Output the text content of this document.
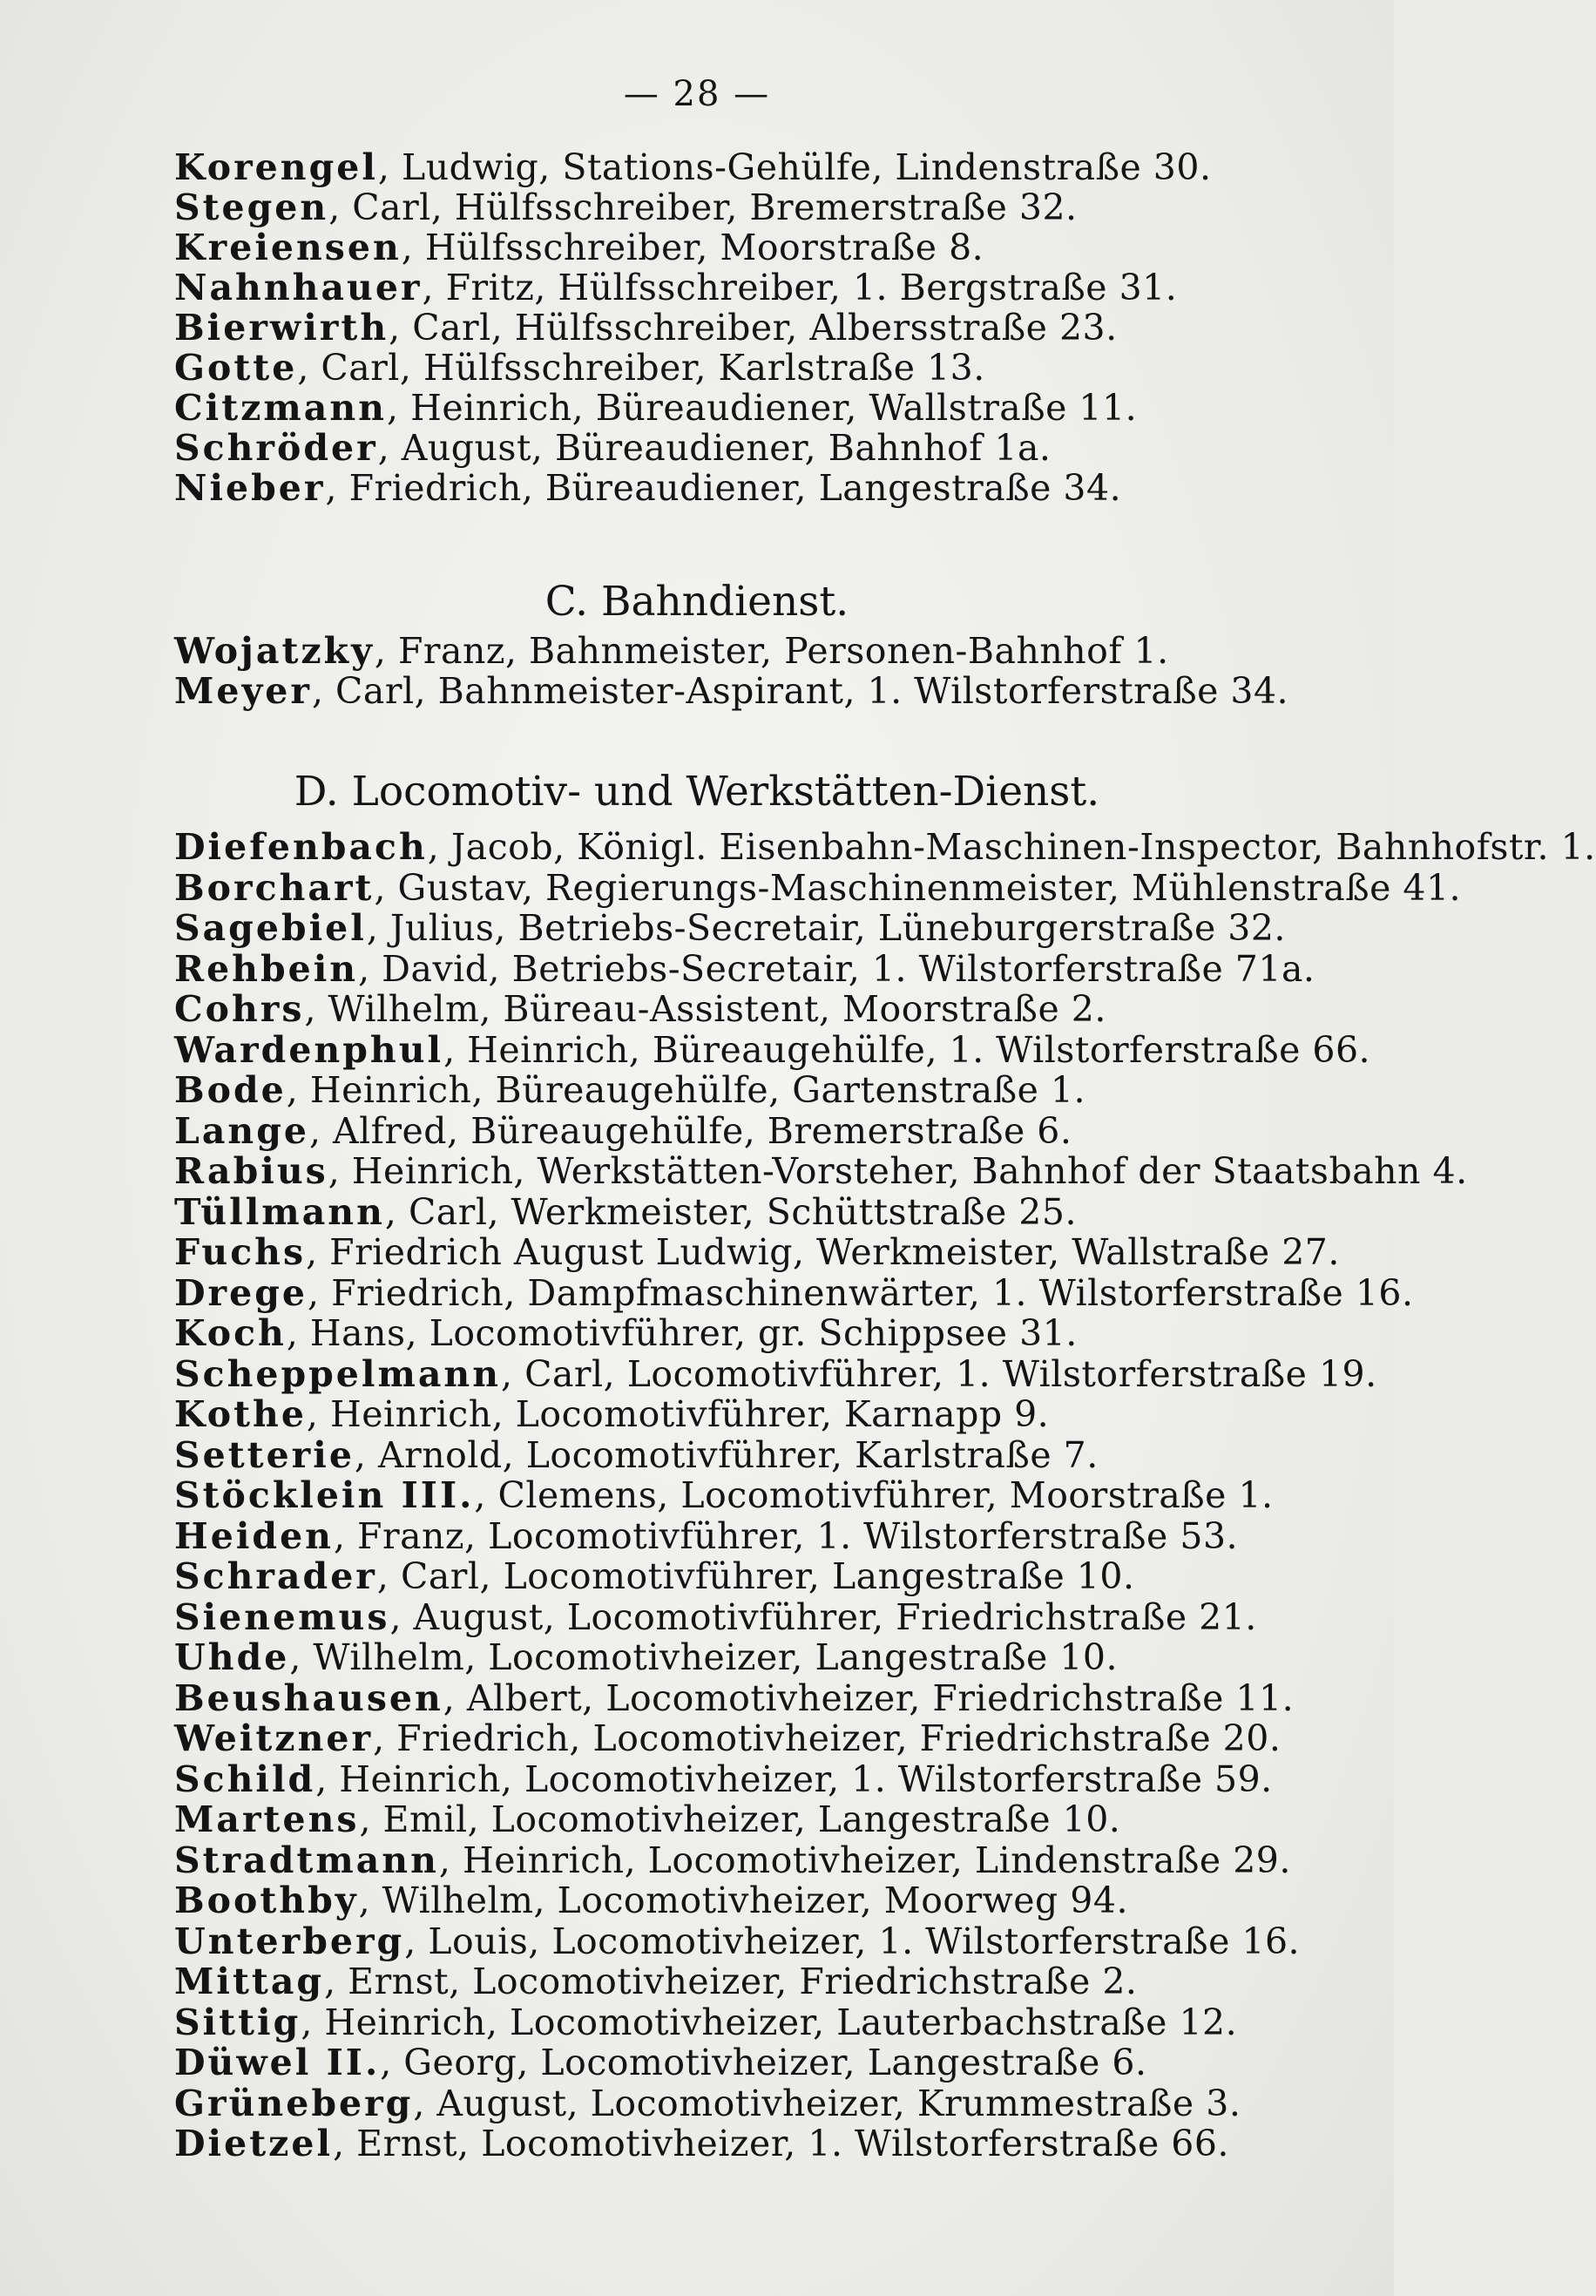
— 28 —
Korengel, Ludwig, Stations-Gehülfe, Lindenstraße 30.
Stegen, Carl, Hülfsschreiber, Bremerstraße 32.
Kreiensen, Hülfsschreiber, Moorstraße 8.
Nahnhauer, Fritz, Hülfsschreiber, 1. Bergstraße 31.
Bierwirth, Carl, Hülfsschreiber, Albersstraße 23.
Gotte, Carl, Hülfsschreiber, Karlstraße 13.
Citzmann, Heinrich, Büreaudiener, Wallstraße 11.
Schröder, August, Büreaudiener, Bahnhof 1a.
Nieber, Friedrich, Büreaudiener, Langestraße 34.
C. Bahndienst.
Wojatzky, Franz, Bahnmeister, Personen-Bahnhof 1.
Meyer, Carl, Bahnmeister-Aspirant, 1. Wilstorferstraße 34.
D. Locomotiv- und Werkstätten-Dienst.
Diefenbach, Jacob, Königl. Eisenbahn-Maschinen-Inspector, Bahnhofstr. 1.
Borchart, Gustav, Regierungs-Maschinenmeister, Mühlenstraße 41.
Sagebiel, Julius, Betriebs-Secretair, Lüneburgerstraße 32.
Rehbein, David, Betriebs-Secretair, 1. Wilstorferstraße 71a.
Cohrs, Wilhelm, Büreau-Assistent, Moorstraße 2.
Wardenphul, Heinrich, Büreaugehülfe, 1. Wilstorferstraße 66.
Bode, Heinrich, Büreaugehülfe, Gartenstraße 1.
Lange, Alfred, Büreaugehülfe, Bremerstraße 6.
Rabius, Heinrich, Werkstätten-Vorsteher, Bahnhof der Staatsbahn 4.
Tüllmann, Carl, Werkmeister, Schüttstraße 25.
Fuchs, Friedrich August Ludwig, Werkmeister, Wallstraße 27.
Drege, Friedrich, Dampfmaschinenwärter, 1. Wilstorferstraße 16.
Koch, Hans, Locomotivführer, gr. Schippsee 31.
Scheppelmann, Carl, Locomotivführer, 1. Wilstorferstraße 19.
Kothe, Heinrich, Locomotivführer, Karnapp 9.
Setterie, Arnold, Locomotivführer, Karlstraße 7.
Stöcklein III., Clemens, Locomotivführer, Moorstraße 1.
Heiden, Franz, Locomotivführer, 1. Wilstorferstraße 53.
Schrader, Carl, Locomotivführer, Langestraße 10.
Sienemus, August, Locomotivführer, Friedrichstraße 21.
Uhde, Wilhelm, Locomotivheizer, Langestraße 10.
Beushausen, Albert, Locomotivheizer, Friedrichstraße 11.
Weitzner, Friedrich, Locomotivheizer, Friedrichstraße 20.
Schild, Heinrich, Locomotivheizer, 1. Wilstorferstraße 59.
Martens, Emil, Locomotivheizer, Langestraße 10.
Stradtmann, Heinrich, Locomotivheizer, Lindenstraße 29.
Boothby, Wilhelm, Locomotivheizer, Moorweg 94.
Unterberg, Louis, Locomotivheizer, 1. Wilstorferstraße 16.
Mittag, Ernst, Locomotivheizer, Friedrichstraße 2.
Sittig, Heinrich, Locomotivheizer, Lauterbachstraße 12.
Düwel II., Georg, Locomotivheizer, Langestraße 6.
Grüneberg, August, Locomotivheizer, Krummestraße 3.
Dietzel, Ernst, Locomotivheizer, 1. Wilstorferstraße 66.
